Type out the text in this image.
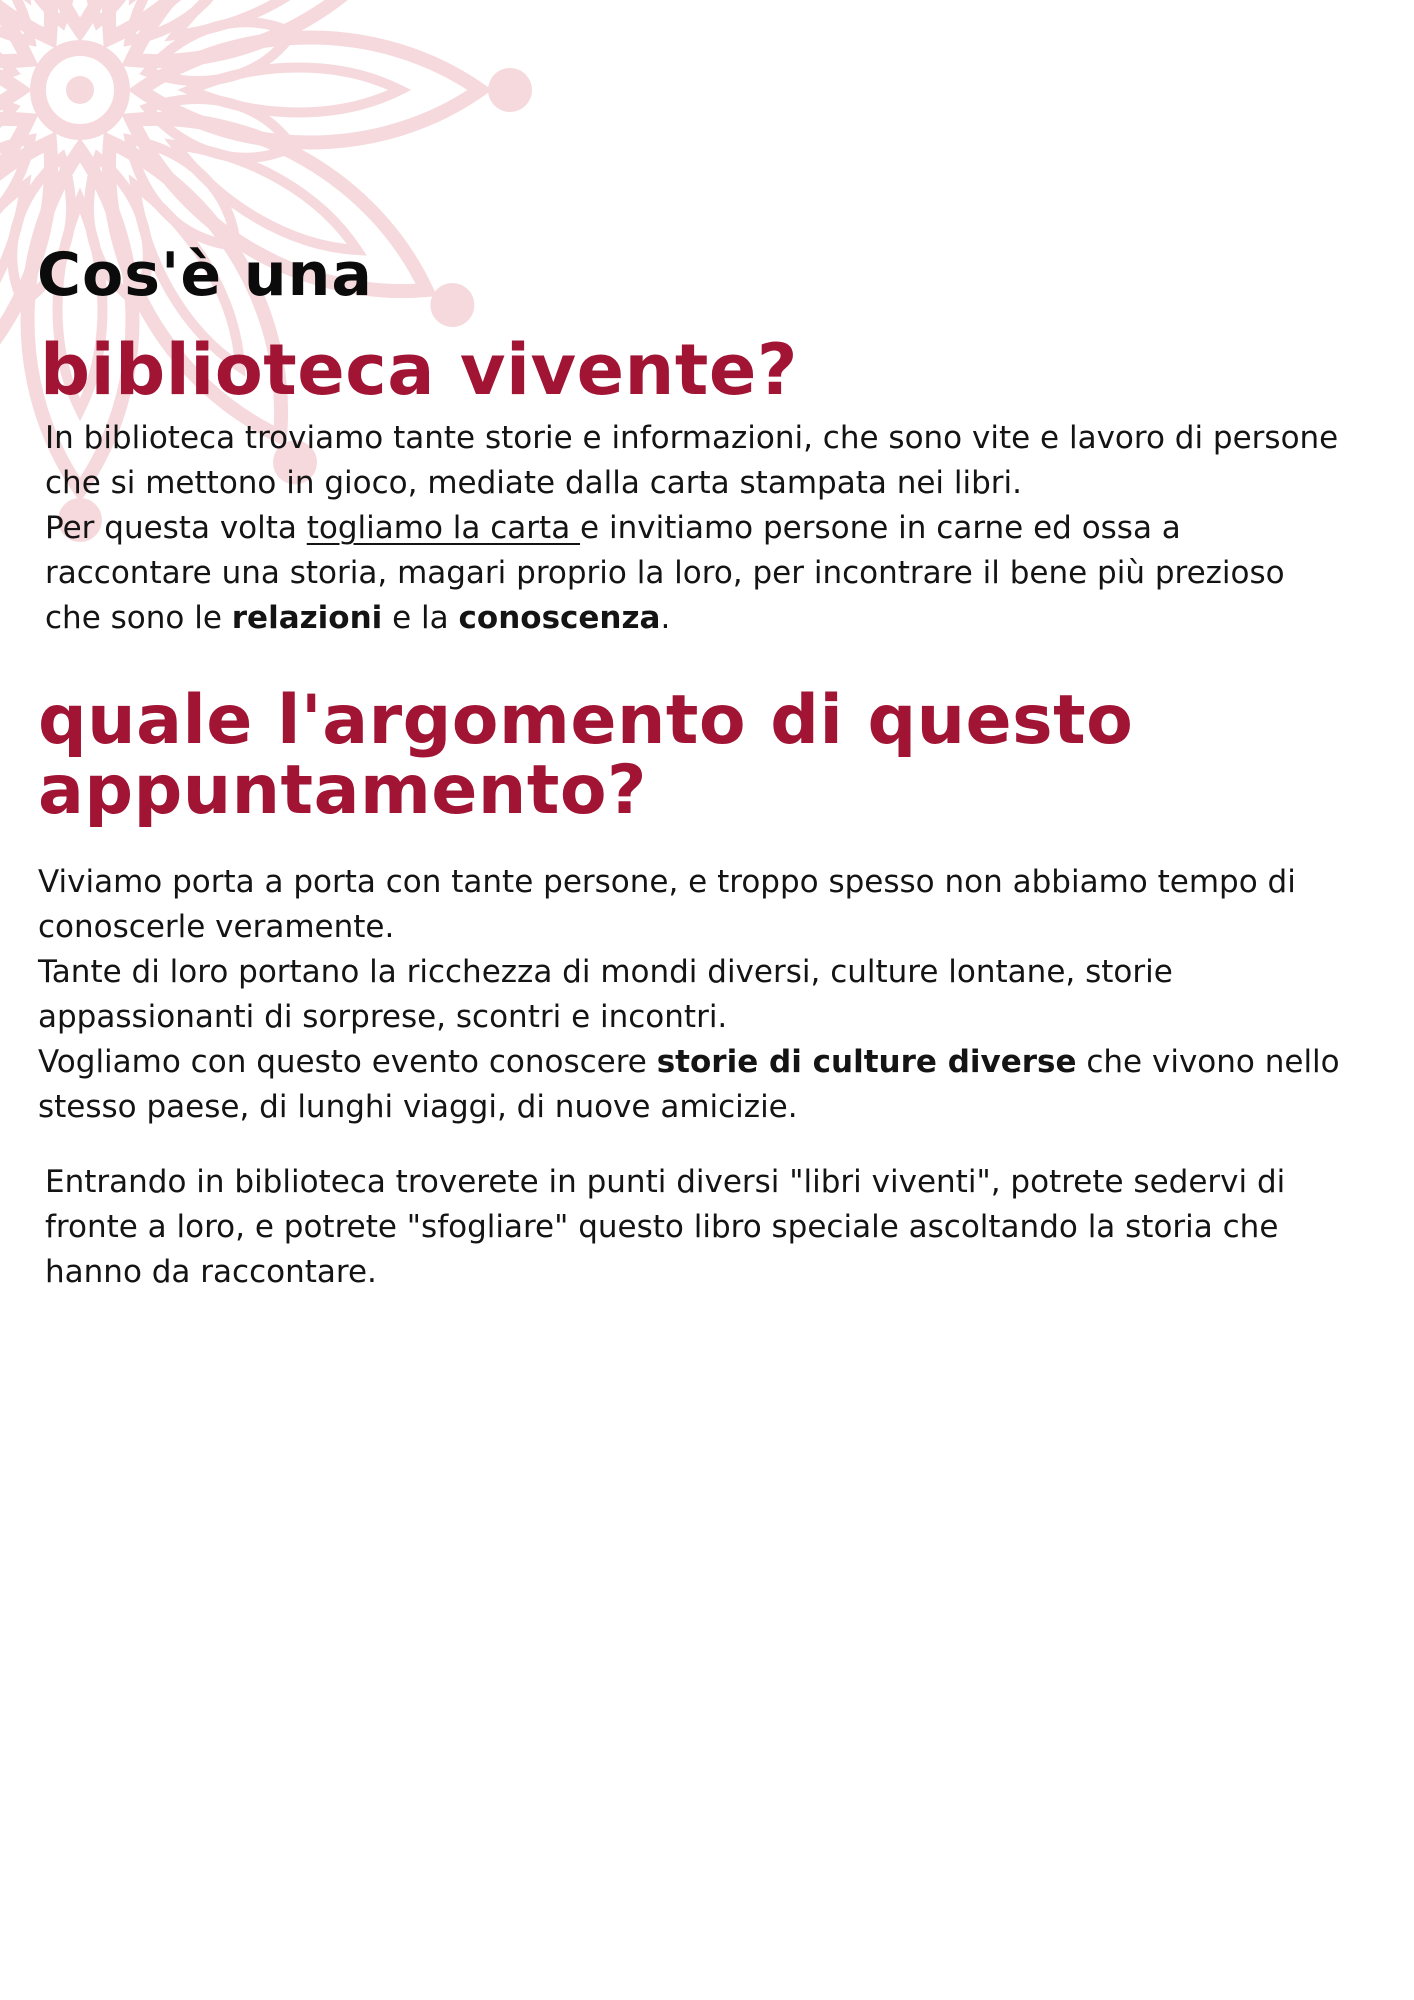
Cos'è una
biblioteca vivente?

In biblioteca troviamo tante storie e informazioni, che sono vite e lavoro di persone
che si mettono in gioco, mediate dalla carta stampata nei libri.
Per questa volta togliamo la carta e invitiamo persone in carne ed ossa a
raccontare una storia, magari proprio la loro, per incontrare il bene più prezioso
che sono le relazioni e la conoscenza.

quale l'argomento di questo
appuntamento?

Viviamo porta a porta con tante persone, e troppo spesso non abbiamo tempo di
conoscerle veramente.
Tante di loro portano la ricchezza di mondi diversi, culture lontane, storie
appassionanti di sorprese, scontri e incontri.
Vogliamo con questo evento conoscere storie di culture diverse che vivono nello
stesso paese, di lunghi viaggi, di nuove amicizie.

Entrando in biblioteca troverete in punti diversi "libri viventi", potrete sedervi di
fronte a loro, e potrete "sfogliare" questo libro speciale ascoltando la storia che
hanno da raccontare.
